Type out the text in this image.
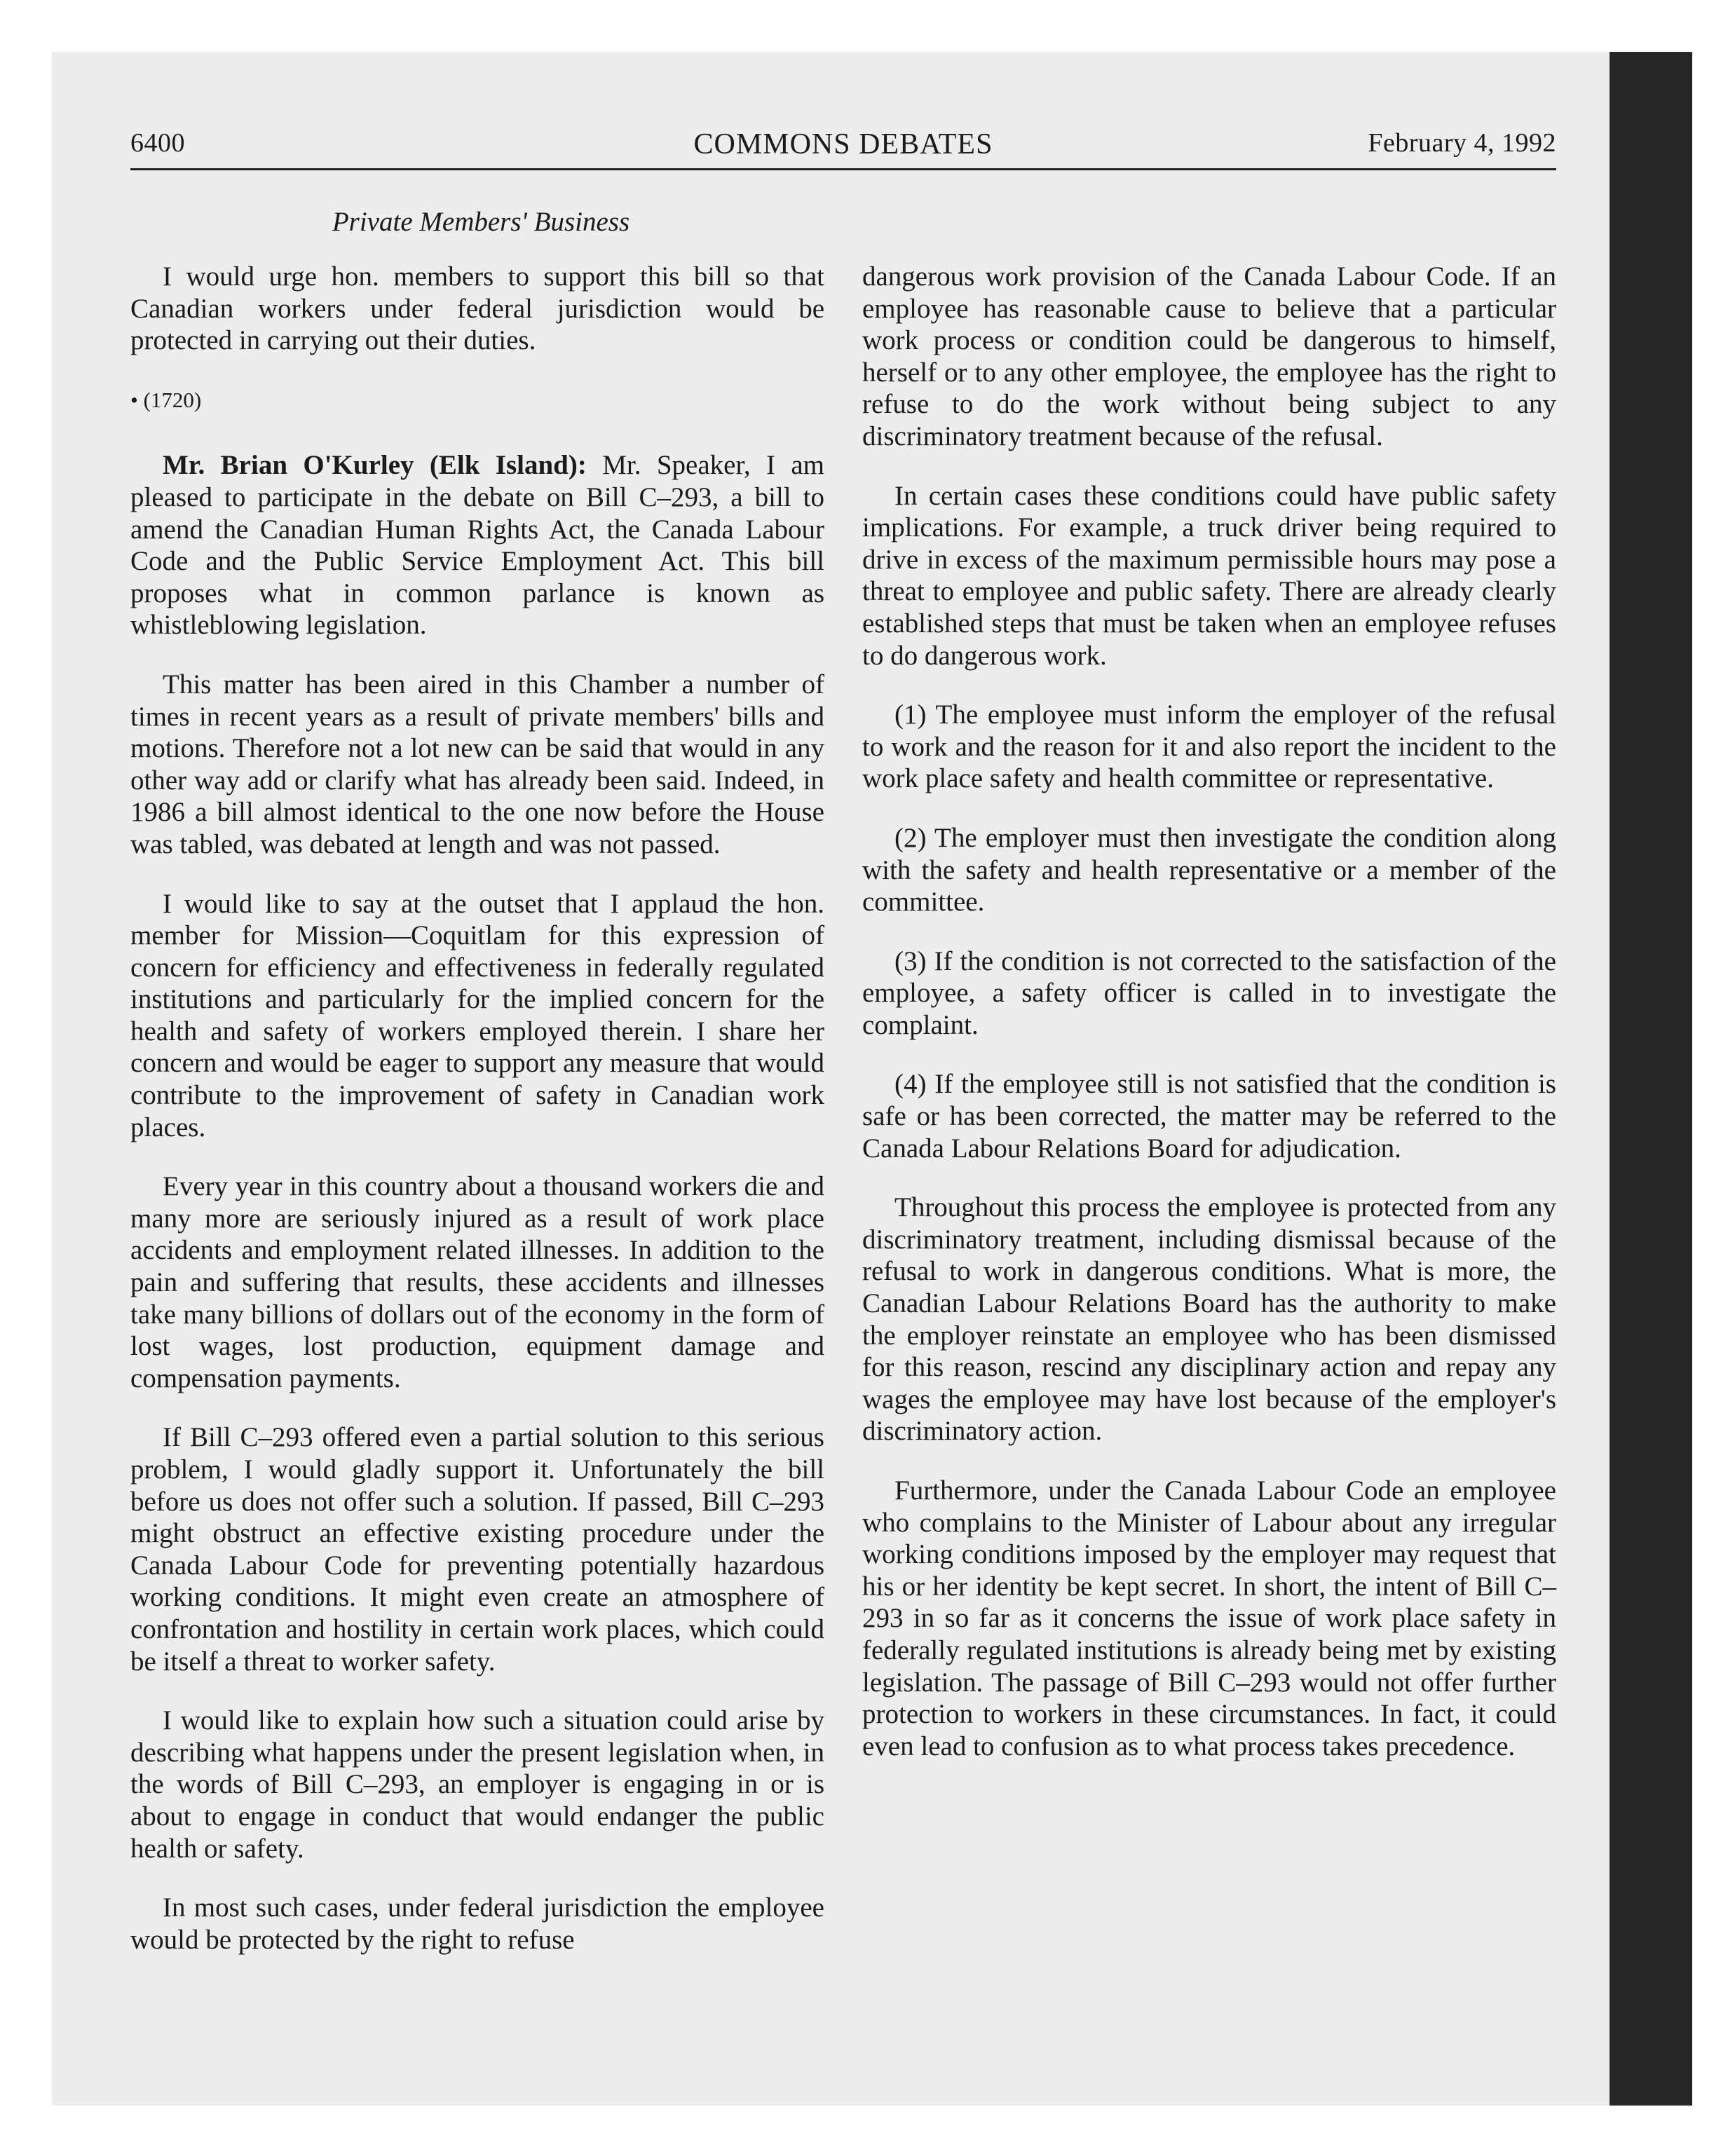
6400	COMMONS DEBATES	February 4, 1992
Private Members' Business

I would urge hon. members to support this bill so that Canadian workers under federal jurisdiction would be protected in carrying out their duties.

• (1720)

Mr. Brian O'Kurley (Elk Island): Mr. Speaker, I am pleased to participate in the debate on Bill C–293, a bill to amend the Canadian Human Rights Act, the Canada Labour Code and the Public Service Employment Act. This bill proposes what in common parlance is known as whistleblowing legislation.

This matter has been aired in this Chamber a number of times in recent years as a result of private members' bills and motions. Therefore not a lot new can be said that would in any other way add or clarify what has already been said. Indeed, in 1986 a bill almost identical to the one now before the House was tabled, was debated at length and was not passed.

I would like to say at the outset that I applaud the hon. member for Mission—Coquitlam for this expression of concern for efficiency and effectiveness in federally regulated institutions and particularly for the implied concern for the health and safety of workers employed therein. I share her concern and would be eager to support any measure that would contribute to the improvement of safety in Canadian work places.

Every year in this country about a thousand workers die and many more are seriously injured as a result of work place accidents and employment related illnesses. In addition to the pain and suffering that results, these accidents and illnesses take many billions of dollars out of the economy in the form of lost wages, lost production, equipment damage and compensation payments.

If Bill C–293 offered even a partial solution to this serious problem, I would gladly support it. Unfortunately the bill before us does not offer such a solution. If passed, Bill C–293 might obstruct an effective existing procedure under the Canada Labour Code for preventing potentially hazardous working conditions. It might even create an atmosphere of confrontation and hostility in certain work places, which could be itself a threat to worker safety.

I would like to explain how such a situation could arise by describing what happens under the present legislation when, in the words of Bill C–293, an employer is engaging in or is about to engage in conduct that would endanger the public health or safety.

In most such cases, under federal jurisdiction the employee would be protected by the right to refuse

dangerous work provision of the Canada Labour Code. If an employee has reasonable cause to believe that a particular work process or condition could be dangerous to himself, herself or to any other employee, the employee has the right to refuse to do the work without being subject to any discriminatory treatment because of the refusal.

In certain cases these conditions could have public safety implications. For example, a truck driver being required to drive in excess of the maximum permissible hours may pose a threat to employee and public safety. There are already clearly established steps that must be taken when an employee refuses to do dangerous work.

(1) The employee must inform the employer of the refusal to work and the reason for it and also report the incident to the work place safety and health committee or representative.

(2) The employer must then investigate the condition along with the safety and health representative or a member of the committee.

(3) If the condition is not corrected to the satisfaction of the employee, a safety officer is called in to investigate the complaint.

(4) If the employee still is not satisfied that the condition is safe or has been corrected, the matter may be referred to the Canada Labour Relations Board for adjudication.

Throughout this process the employee is protected from any discriminatory treatment, including dismissal because of the refusal to work in dangerous conditions. What is more, the Canadian Labour Relations Board has the authority to make the employer reinstate an employee who has been dismissed for this reason, rescind any disciplinary action and repay any wages the employee may have lost because of the employer's discriminatory action.

Furthermore, under the Canada Labour Code an employee who complains to the Minister of Labour about any irregular working conditions imposed by the employer may request that his or her identity be kept secret. In short, the intent of Bill C–293 in so far as it concerns the issue of work place safety in federally regulated institutions is already being met by existing legislation. The passage of Bill C–293 would not offer further protection to workers in these circumstances. In fact, it could even lead to confusion as to what process takes precedence.
